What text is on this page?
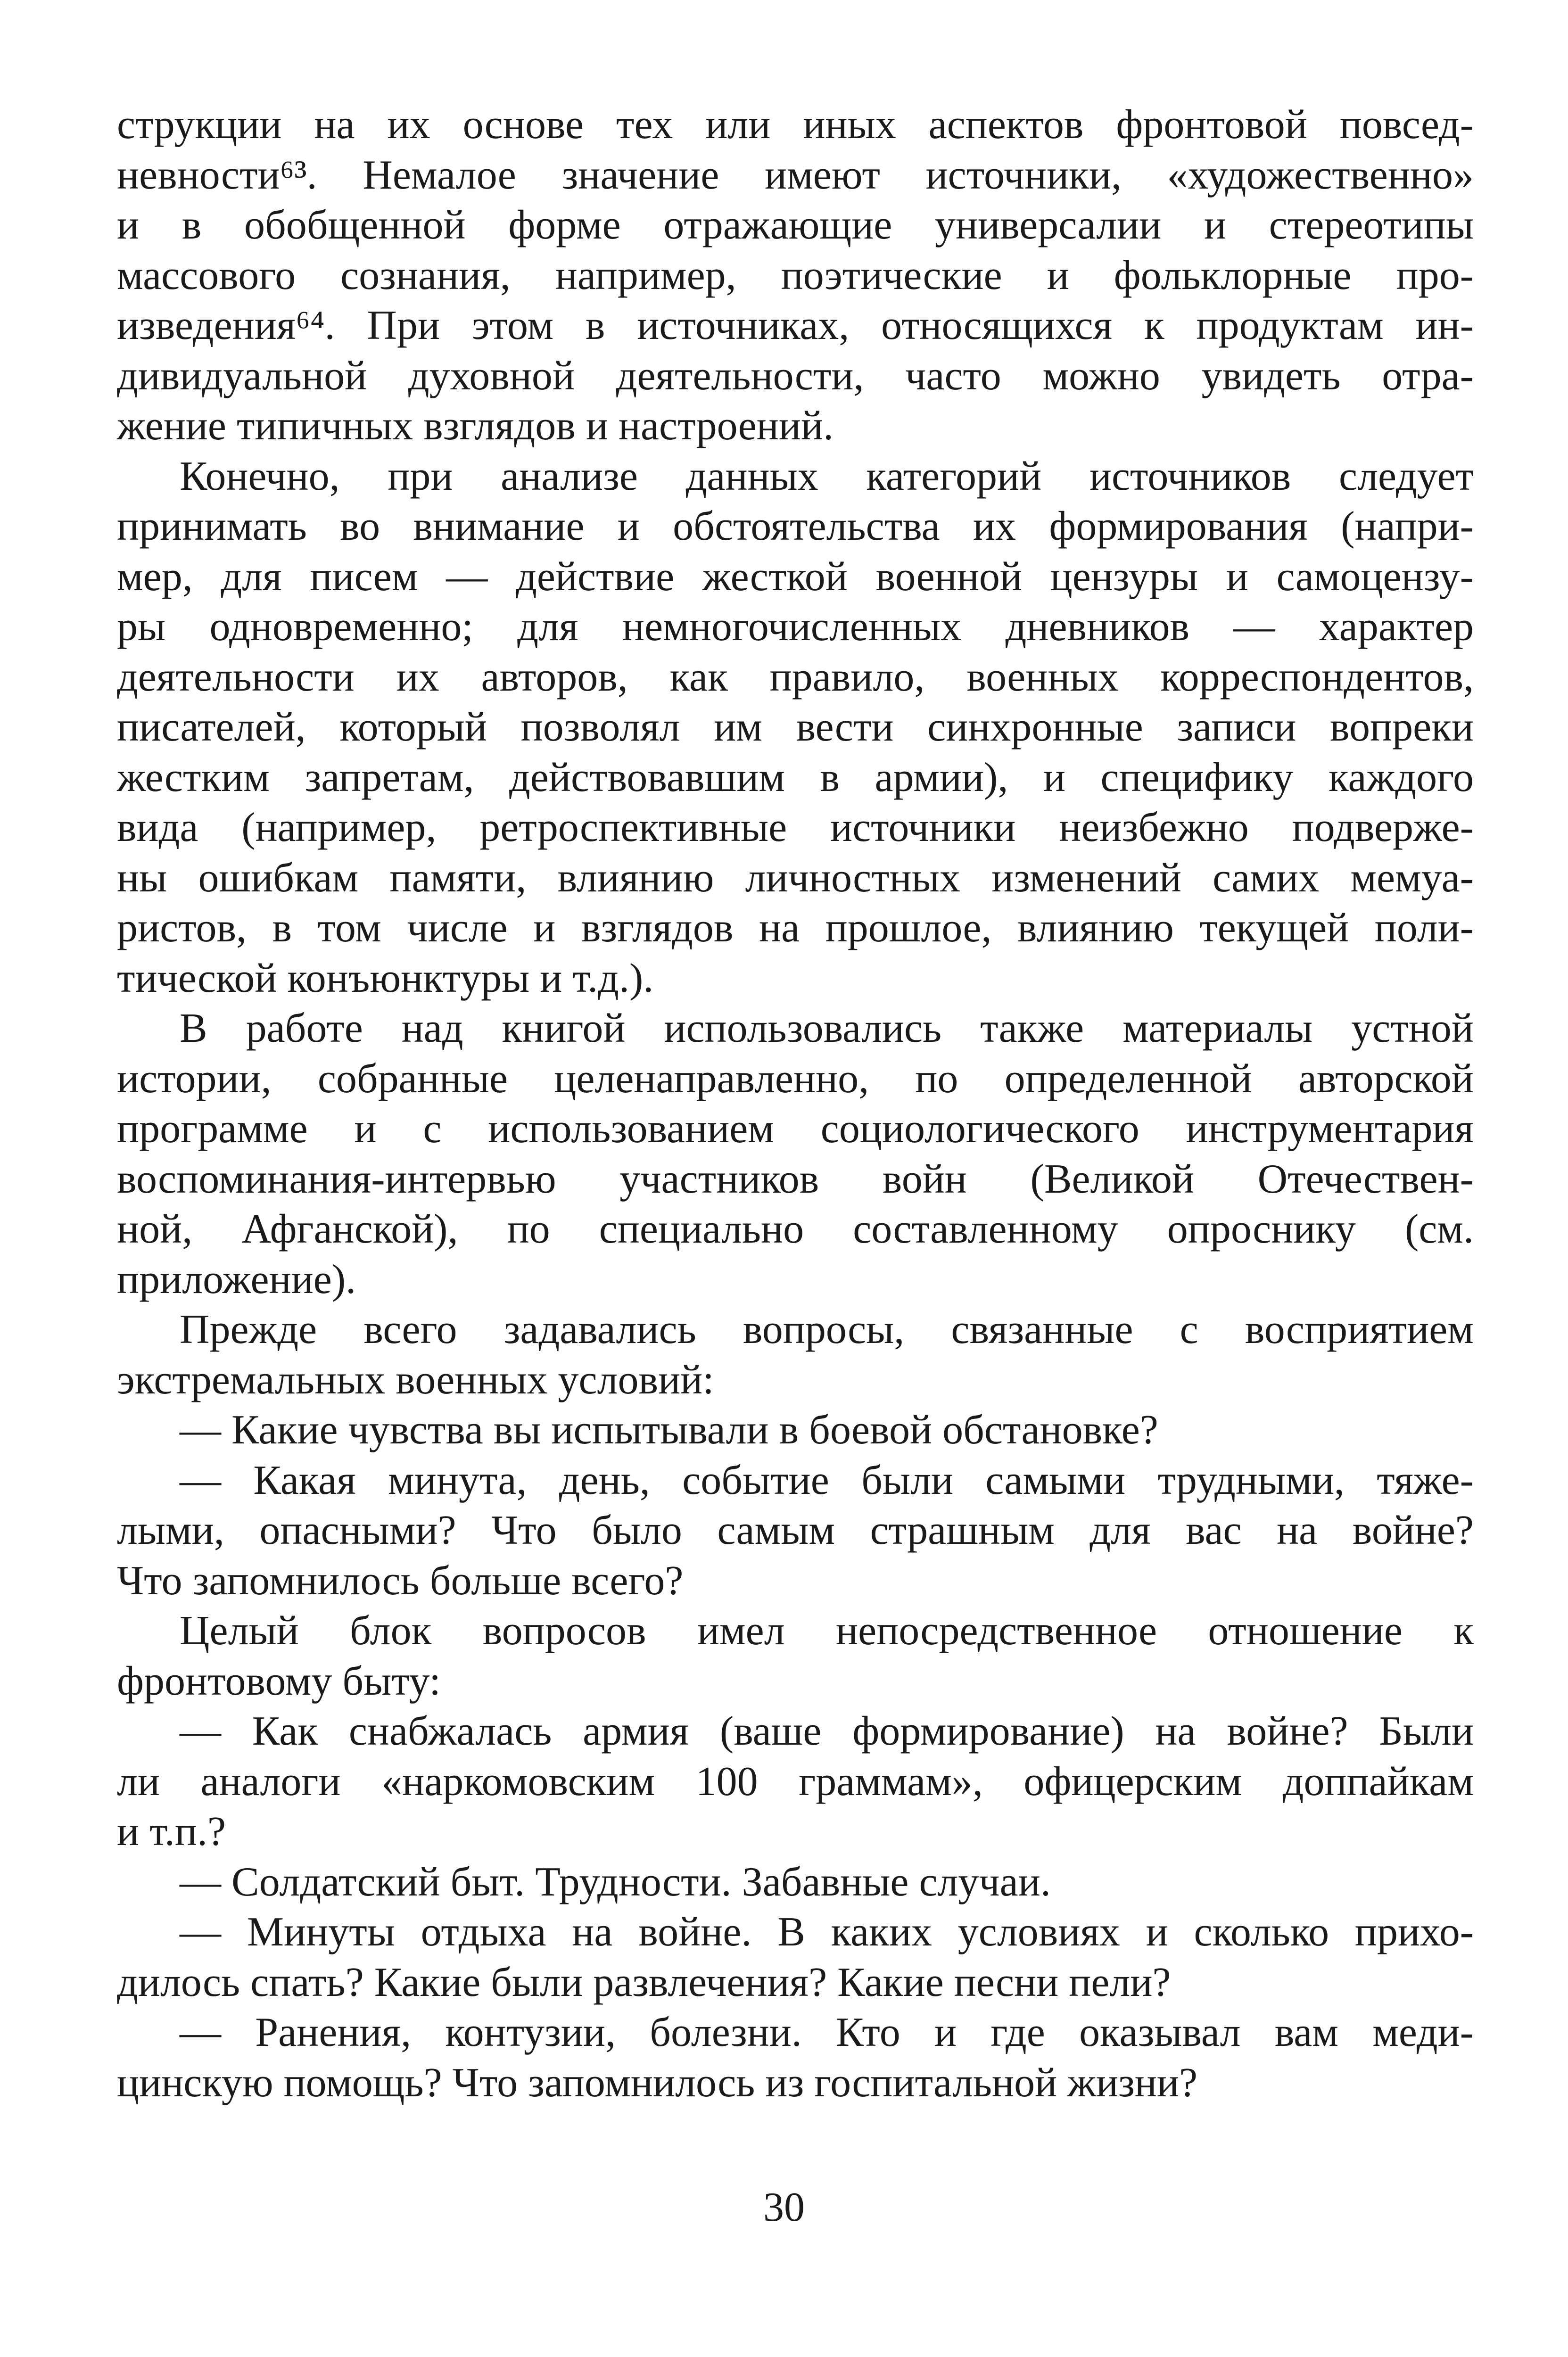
струкции на их основе тех или иных аспектов фронтовой повсед-
невности⁶³. Немалое значение имеют источники, «художественно»
и в обобщенной форме отражающие универсалии и стереотипы
массового сознания, например, поэтические и фольклорные про-
изведения⁶⁴. При этом в источниках, относящихся к продуктам ин-
дивидуальной духовной деятельности, часто можно увидеть отра-
жение типичных взглядов и настроений.
Конечно, при анализе данных категорий источников следует
принимать во внимание и обстоятельства их формирования (напри-
мер, для писем — действие жесткой военной цензуры и самоцензу-
ры одновременно; для немногочисленных дневников — характер
деятельности их авторов, как правило, военных корреспондентов,
писателей, который позволял им вести синхронные записи вопреки
жестким запретам, действовавшим в армии), и специфику каждого
вида (например, ретроспективные источники неизбежно подверже-
ны ошибкам памяти, влиянию личностных изменений самих мемуа-
ристов, в том числе и взглядов на прошлое, влиянию текущей поли-
тической конъюнктуры и т.д.).
В работе над книгой использовались также материалы устной
истории, собранные целенаправленно, по определенной авторской
программе и с использованием социологического инструментария
воспоминания-интервью участников войн (Великой Отечествен-
ной, Афганской), по специально составленному опроснику (см.
приложение).
Прежде всего задавались вопросы, связанные с восприятием
экстремальных военных условий:
— Какие чувства вы испытывали в боевой обстановке?
— Какая минута, день, событие были самыми трудными, тяже-
лыми, опасными? Что было самым страшным для вас на войне?
Что запомнилось больше всего?
Целый блок вопросов имел непосредственное отношение к
фронтовому быту:
— Как снабжалась армия (ваше формирование) на войне? Были
ли аналоги «наркомовским 100 граммам», офицерским доппайкам
и т.п.?
— Солдатский быт. Трудности. Забавные случаи.
— Минуты отдыха на войне. В каких условиях и сколько прихо-
дилось спать? Какие были развлечения? Какие песни пели?
— Ранения, контузии, болезни. Кто и где оказывал вам меди-
цинскую помощь? Что запомнилось из госпитальной жизни?
30
